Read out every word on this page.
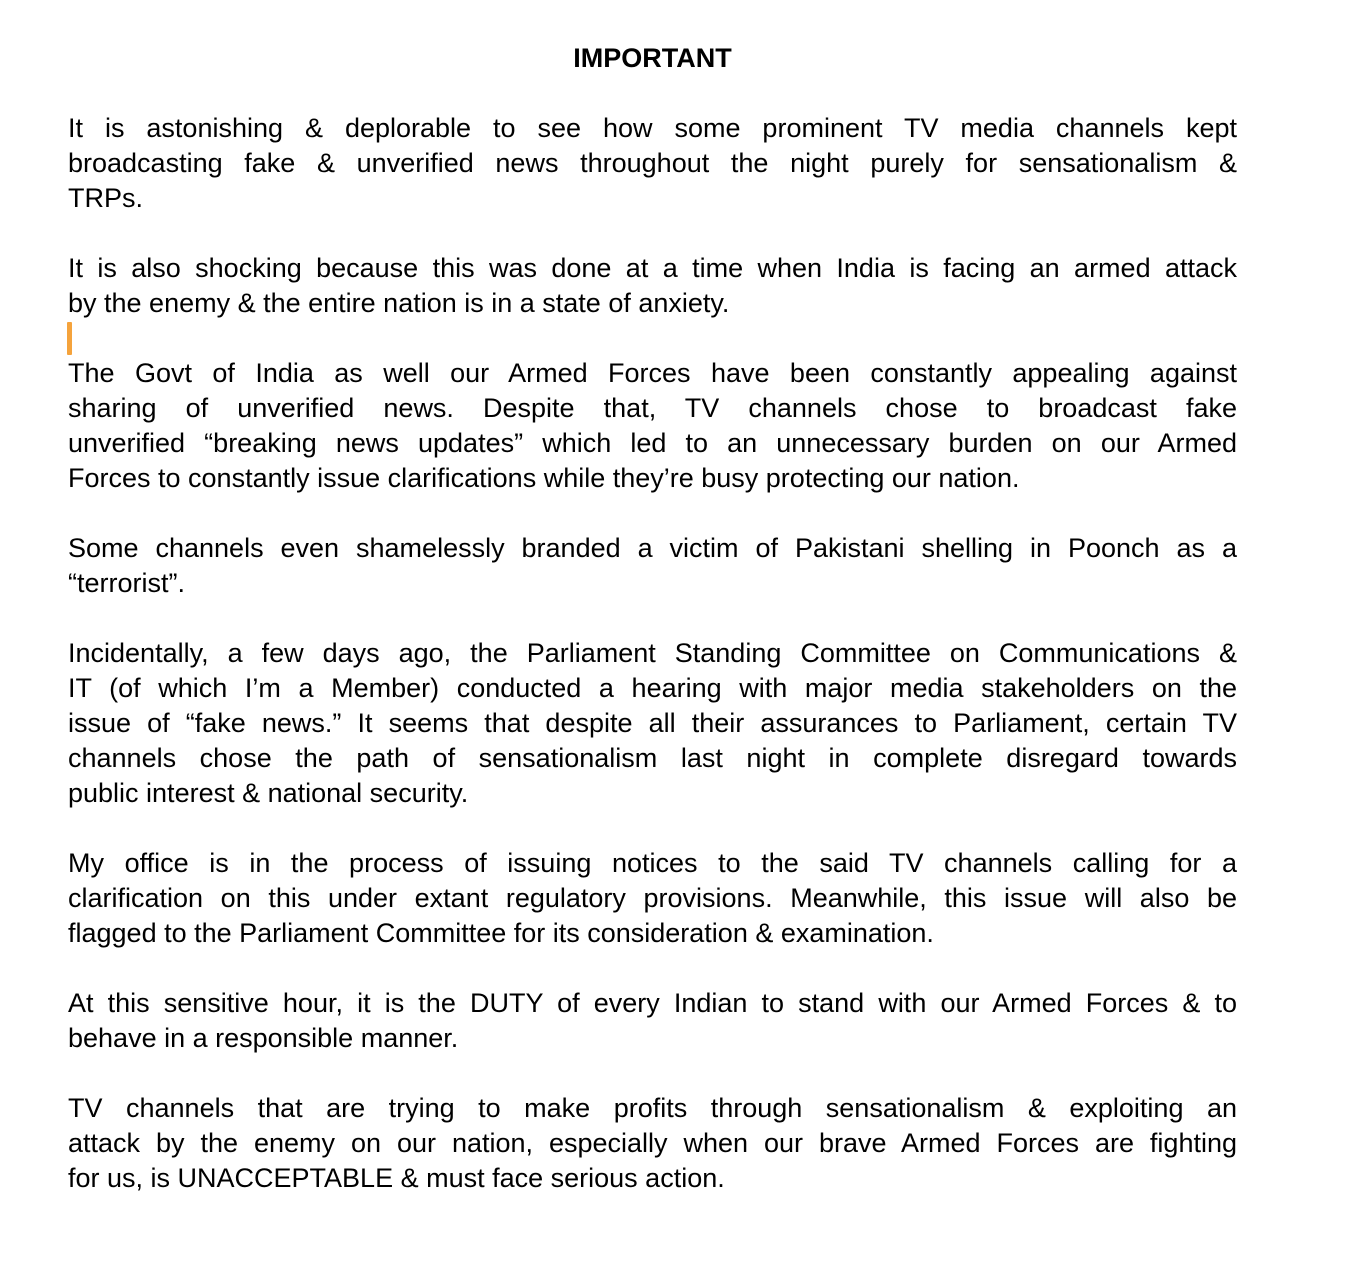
IMPORTANT
It is astonishing & deplorable to see how some prominent TV media channels kept
broadcasting fake & unverified news throughout the night purely for sensationalism &
TRPs.
It is also shocking because this was done at a time when India is facing an armed attack
by the enemy & the entire nation is in a state of anxiety.
The Govt of India as well our Armed Forces have been constantly appealing against
sharing of unverified news. Despite that, TV channels chose to broadcast fake
unverified “breaking news updates” which led to an unnecessary burden on our Armed
Forces to constantly issue clarifications while they’re busy protecting our nation.
Some channels even shamelessly branded a victim of Pakistani shelling in Poonch as a
“terrorist”.
Incidentally, a few days ago, the Parliament Standing Committee on Communications &
IT (of which I’m a Member) conducted a hearing with major media stakeholders on the
issue of “fake news.” It seems that despite all their assurances to Parliament, certain TV
channels chose the path of sensationalism last night in complete disregard towards
public interest & national security.
My office is in the process of issuing notices to the said TV channels calling for a
clarification on this under extant regulatory provisions. Meanwhile, this issue will also be
flagged to the Parliament Committee for its consideration & examination.
At this sensitive hour, it is the DUTY of every Indian to stand with our Armed Forces & to
behave in a responsible manner.
TV channels that are trying to make profits through sensationalism & exploiting an
attack by the enemy on our nation, especially when our brave Armed Forces are fighting
for us, is UNACCEPTABLE & must face serious action.
